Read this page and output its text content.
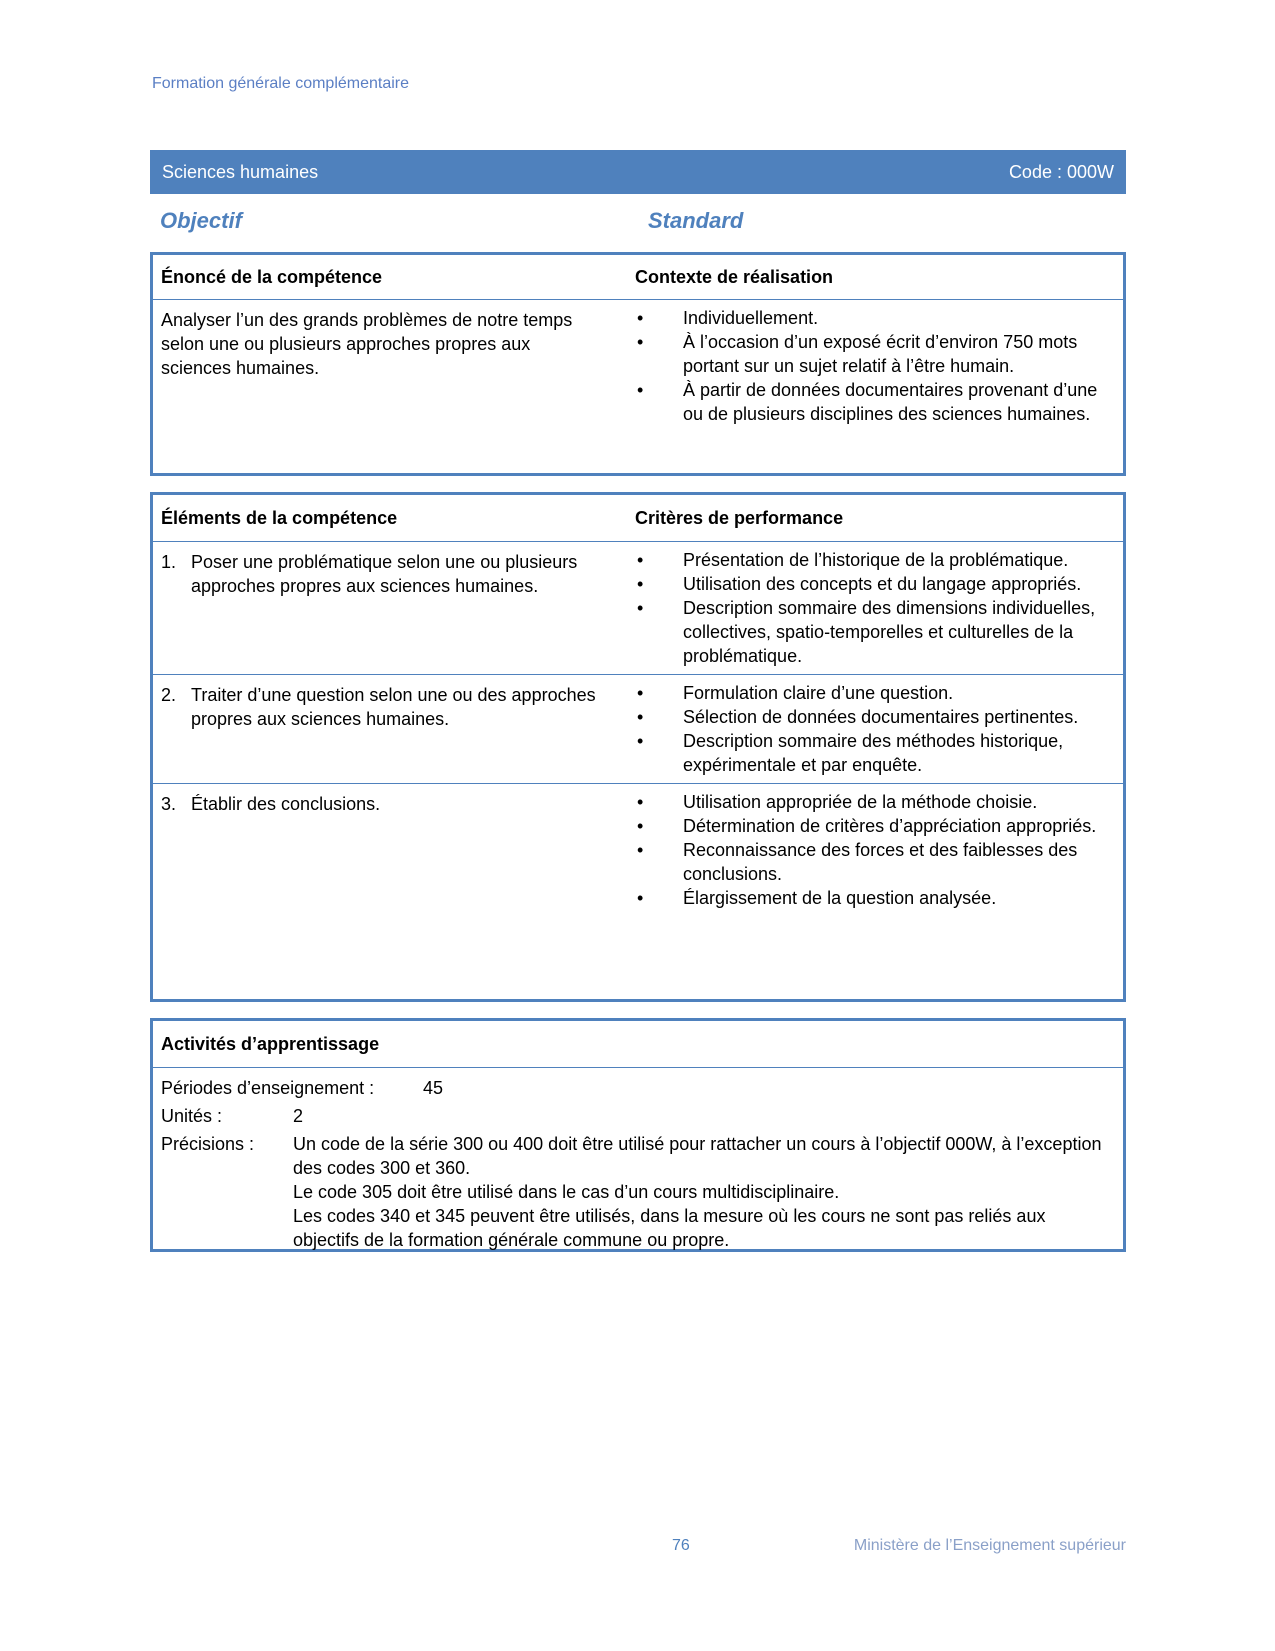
Formation générale complémentaire
Sciences humaines	Code : 000W
Objectif	Standard
Énoncé de la compétence	Contexte de réalisation
Analyser l’un des grands problèmes de notre temps selon une ou plusieurs approches propres aux sciences humaines.
• Individuellement.
• À l’occasion d’un exposé écrit d’environ 750 mots portant sur un sujet relatif à l’être humain.
• À partir de données documentaires provenant d’une ou de plusieurs disciplines des sciences humaines.
Éléments de la compétence	Critères de performance
1. Poser une problématique selon une ou plusieurs approches propres aux sciences humaines.
• Présentation de l’historique de la problématique.
• Utilisation des concepts et du langage appropriés.
• Description sommaire des dimensions individuelles, collectives, spatio-temporelles et culturelles de la problématique.
2. Traiter d’une question selon une ou des approches propres aux sciences humaines.
• Formulation claire d’une question.
• Sélection de données documentaires pertinentes.
• Description sommaire des méthodes historique, expérimentale et par enquête.
3. Établir des conclusions.
•	Utilisation appropriée de la méthode choisie.
• Détermination de critères d’appréciation appropriés.
• Reconnaissance des forces et des faiblesses des conclusions.
• Élargissement de la question analysée.
Activités d’apprentissage
Périodes d’enseignement :	45
Unités :	2
Précisions :	Un code de la série 300 ou 400 doit être utilisé pour rattacher un cours à l’objectif 000W, à l’exception des codes 300 et 360.
Le code 305 doit être utilisé dans le cas d’un cours multidisciplinaire.
Les codes 340 et 345 peuvent être utilisés, dans la mesure où les cours ne sont pas reliés aux objectifs de la formation générale commune ou propre.
76	Ministère de l’Enseignement supérieur
